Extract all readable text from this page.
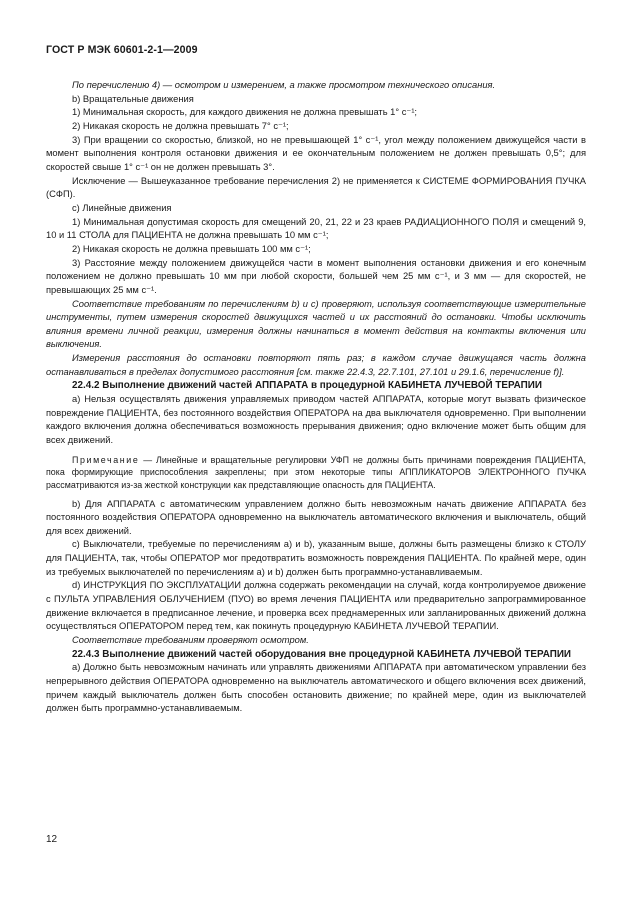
ГОСТ Р МЭК 60601-2-1—2009

По перечислению 4) — осмотром и измерением, а также просмотром технического описания.

b) Вращательные движения

1) Минимальная скорость, для каждого движения не должна превышать 1° с⁻¹;

2) Никакая скорость не должна превышать 7° с⁻¹;

3) При вращении со скоростью, близкой, но не превышающей 1° с⁻¹, угол между положением движущейся части в момент выполнения контроля остановки движения и ее окончательным положением не должен превышать 0,5°; для скоростей свыше 1° с⁻¹ он не должен превышать 3°.

Исключение — Вышеуказанное требование перечисления 2) не применяется к СИСТЕМЕ ФОРМИРОВАНИЯ ПУЧКА (СФП).

c) Линейные движения

1) Минимальная допустимая скорость для смещений 20, 21, 22 и 23 краев РАДИАЦИОННОГО ПОЛЯ и смещений 9, 10 и 11 СТОЛА для ПАЦИЕНТА не должна превышать 10 мм с⁻¹;

2) Никакая скорость не должна превышать 100 мм с⁻¹;

3) Расстояние между положением движущейся части в момент выполнения остановки движения и его конечным положением не должно превышать 10 мм при любой скорости, большей чем 25 мм с⁻¹, и 3 мм — для скоростей, не превышающих 25 мм с⁻¹.

Соответствие требованиям по перечислениям b) и c) проверяют, используя соответствующие измерительные инструменты, путем измерения скоростей движущихся частей и их расстояний до остановки. Чтобы исключить влияния времени личной реакции, измерения должны начинаться в момент действия на контакты включения или выключения.

Измерения расстояния до остановки повторяют пять раз; в каждом случае движущаяся часть должна останавливаться в пределах допустимого расстояния [см. также 22.4.3, 22.7.101, 27.101 и 29.1.6, перечисление f)].

22.4.2 Выполнение движений частей АППАРАТА в процедурной КАБИНЕТА ЛУЧЕВОЙ ТЕРАПИИ

a) Нельзя осуществлять движения управляемых приводом частей АППАРАТА, которые могут вызвать физическое повреждение ПАЦИЕНТА, без постоянного воздействия ОПЕРАТОРА на два выключателя одновременно. При выполнении каждого включения должна обеспечиваться возможность прерывания движения; одно включение может быть общим для всех движений.

Примечание — Линейные и вращательные регулировки УФП не должны быть причинами повреждения ПАЦИЕНТА, пока формирующие приспособления закреплены; при этом некоторые типы АППЛИКАТОРОВ ЭЛЕКТРОННОГО ПУЧКА рассматриваются из-за жесткой конструкции как представляющие опасность для ПАЦИЕНТА.

b) Для АППАРАТА с автоматическим управлением должно быть невозможным начать движение АППАРАТА без постоянного воздействия ОПЕРАТОРА одновременно на выключатель автоматического включения и выключатель, общий для всех движений.

c) Выключатели, требуемые по перечислениям a) и b), указанным выше, должны быть размещены близко к СТОЛУ для ПАЦИЕНТА, так, чтобы ОПЕРАТОР мог предотвратить возможность повреждения ПАЦИЕНТА. По крайней мере, один из требуемых выключателей по перечислениям a) и b) должен быть программно-устанавливаемым.

d) ИНСТРУКЦИЯ ПО ЭКСПЛУАТАЦИИ должна содержать рекомендации на случай, когда контролируемое движение с ПУЛЬТА УПРАВЛЕНИЯ ОБЛУЧЕНИЕМ (ПУО) во время лечения ПАЦИЕНТА или предварительно запрограммированное движение включается в предписанное лечение, и проверка всех преднамеренных или запланированных движений должна осуществляться ОПЕРАТОРОМ перед тем, как покинуть процедурную КАБИНЕТА ЛУЧЕВОЙ ТЕРАПИИ.

Соответствие требованиям проверяют осмотром.

22.4.3 Выполнение движений частей оборудования вне процедурной КАБИНЕТА ЛУЧЕВОЙ ТЕРАПИИ

a) Должно быть невозможным начинать или управлять движениями АППАРАТА при автоматическом управлении без непрерывного действия ОПЕРАТОРА одновременно на выключатель автоматического и общего включения всех движений, причем каждый выключатель должен быть способен остановить движение; по крайней мере, один из выключателей должен быть программно-устанавливаемым.

12
